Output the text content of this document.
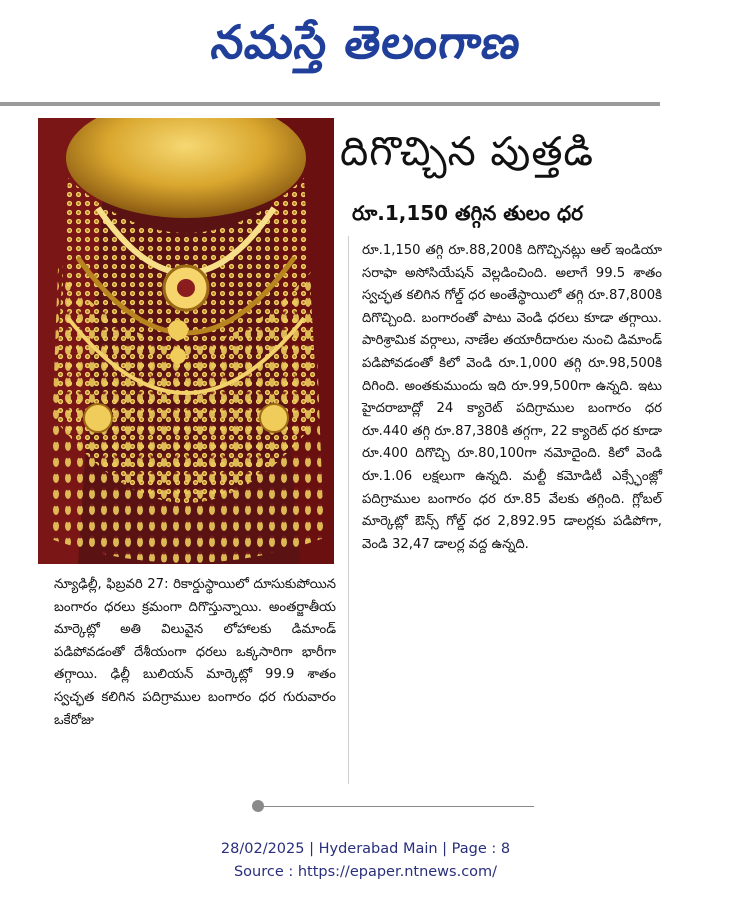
నమస్తే తెలంగాణ
దిగొచ్చిన పుత్తడి
రూ.1,150 తగ్గిన తులం ధర

రూ.1,150 తగ్గి రూ.88,200కి దిగొచ్చినట్లు ఆల్ ఇండియా సరాఫా అసోసియేషన్ వెల్లడించింది. అలాగే 99.5 శాతం స్వచ్ఛత కలిగిన గోల్డ్ ధర అంతేస్థాయిలో తగ్గి రూ.87,800కి దిగొచ్చింది. బంగారంతో పాటు వెండి ధరలు కూడా తగ్గాయి. పారిశ్రామిక వర్గాలు, నాణేల తయారీదారుల నుంచి డిమాండ్ పడిపోవడంతో కిలో వెండి రూ.1,000 తగ్గి రూ.98,500కి దిగింది. అంతకుముందు ఇది రూ.99,500గా ఉన్నది. ఇటు హైదరాబాద్లో 24 క్యారెట్ పదిగ్రాముల బంగారం ధర రూ.440 తగ్గి రూ.87,380కి తగ్గగా, 22 క్యారెట్ ధర కూడా రూ.400 దిగొచ్చి రూ.80,100గా నమోదైంది. కిలో వెండి రూ.1.06 లక్షలుగా ఉన్నది. మల్టీ కమోడిటీ ఎక్స్ఛేంజ్లో పదిగ్రాముల బంగారం ధర రూ.85 వేలకు తగ్గింది. గ్లోబల్ మార్కెట్లో ఔన్స్ గోల్డ్ ధర 2,892.95 డాలర్లకు పడిపోగా, వెండి 32,47 డాలర్ల వద్ద ఉన్నది.

న్యూఢిల్లీ, ఫిబ్రవరి 27: రికార్డుస్థాయిలో దూసుకుపోయిన బంగారం ధరలు క్రమంగా దిగొస్తున్నాయి. అంతర్జాతీయ మార్కెట్లో అతి విలువైన లోహాలకు డిమాండ్ పడిపోవడంతో దేశీయంగా ధరలు ఒక్కసారిగా భారీగా తగ్గాయి. ఢిల్లీ బులియన్ మార్కెట్లో 99.9 శాతం స్వచ్ఛత కలిగిన పదిగ్రాముల బంగారం ధర గురువారం ఒకేరోజు

28/02/2025 | Hyderabad Main | Page : 8
Source : https://epaper.ntnews.com/
